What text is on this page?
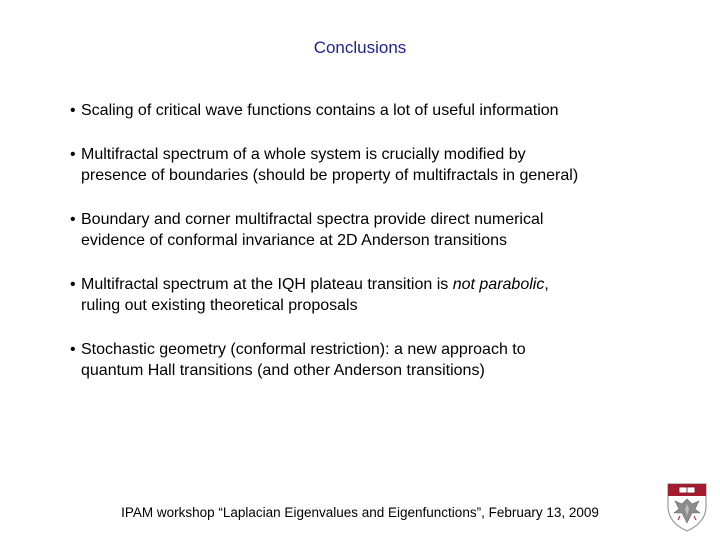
Conclusions
• Scaling of critical wave functions contains a lot of useful information
• Multifractal spectrum of a whole system is crucially modified by
presence of boundaries (should be property of multifractals in general)
• Boundary and corner multifractal spectra provide direct numerical
evidence of conformal invariance at 2D Anderson transitions
• Multifractal spectrum at the IQH plateau transition is not parabolic,
ruling out existing theoretical proposals
• Stochastic geometry (conformal restriction): a new approach to
quantum Hall transitions (and other Anderson transitions)
IPAM workshop “Laplacian Eigenvalues and Eigenfunctions”, February 13, 2009
